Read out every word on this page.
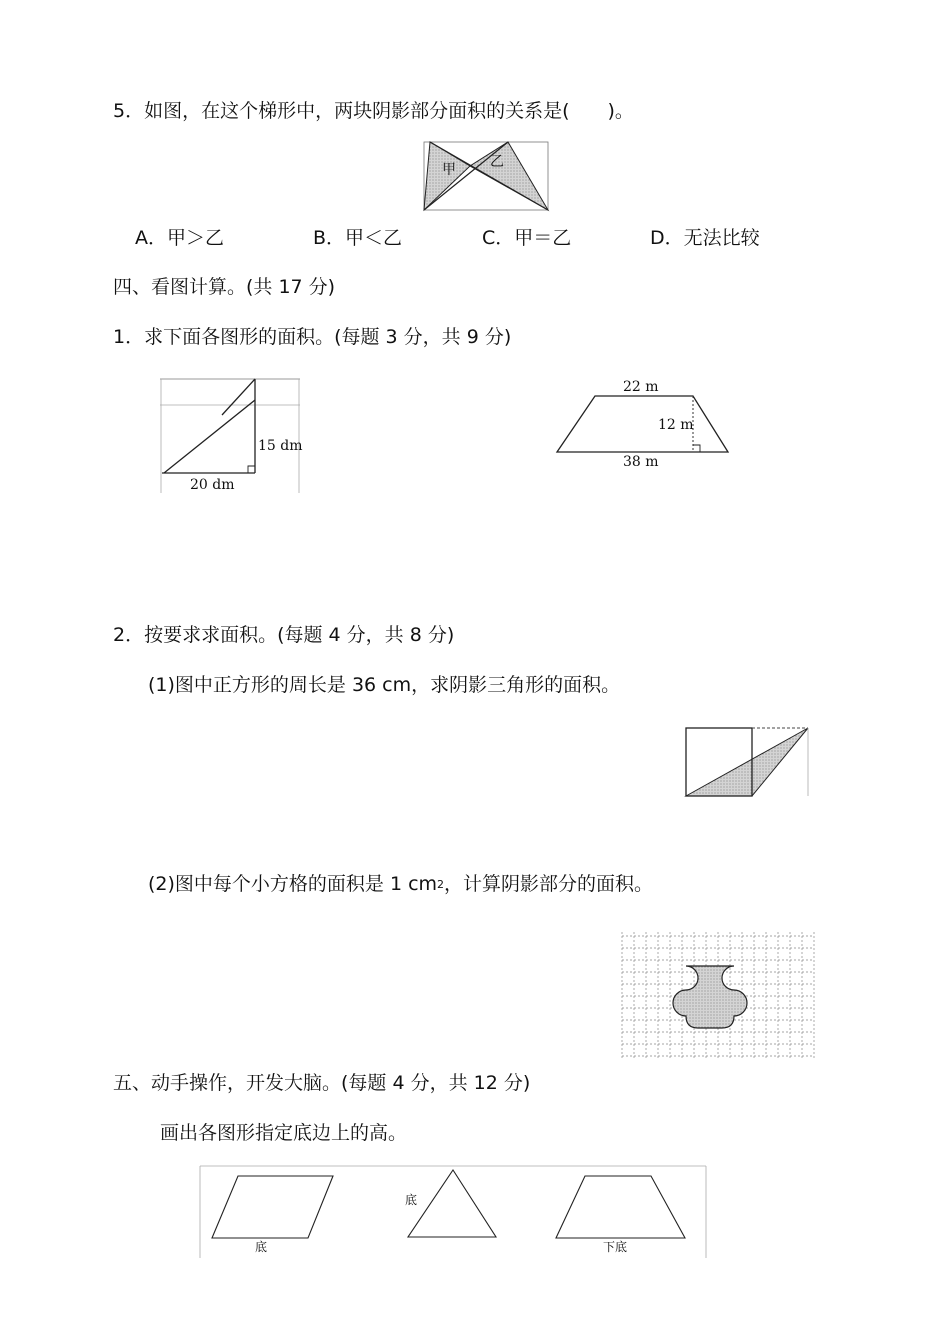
5．如图，在这个梯形中，两块阴影部分面积的关系是(　　)。
甲 乙
A．甲＞乙	B．甲＜乙	C．甲＝乙	D．无法比较
四、看图计算。(共 17 分)
1．求下面各图形的面积。(每题 3 分，共 9 分)
15 dm
20 dm
22 m
12 m
38 m
2．按要求求面积。(每题 4 分，共 8 分)
(1)图中正方形的周长是 36 cm，求阴影三角形的面积。
(2)图中每个小方格的面积是 1 $cm^2$，计算阴影部分的面积。
五、动手操作，开发大脑。(每题 4 分，共 12 分)
画出各图形指定底边上的高。
底
底
下底
